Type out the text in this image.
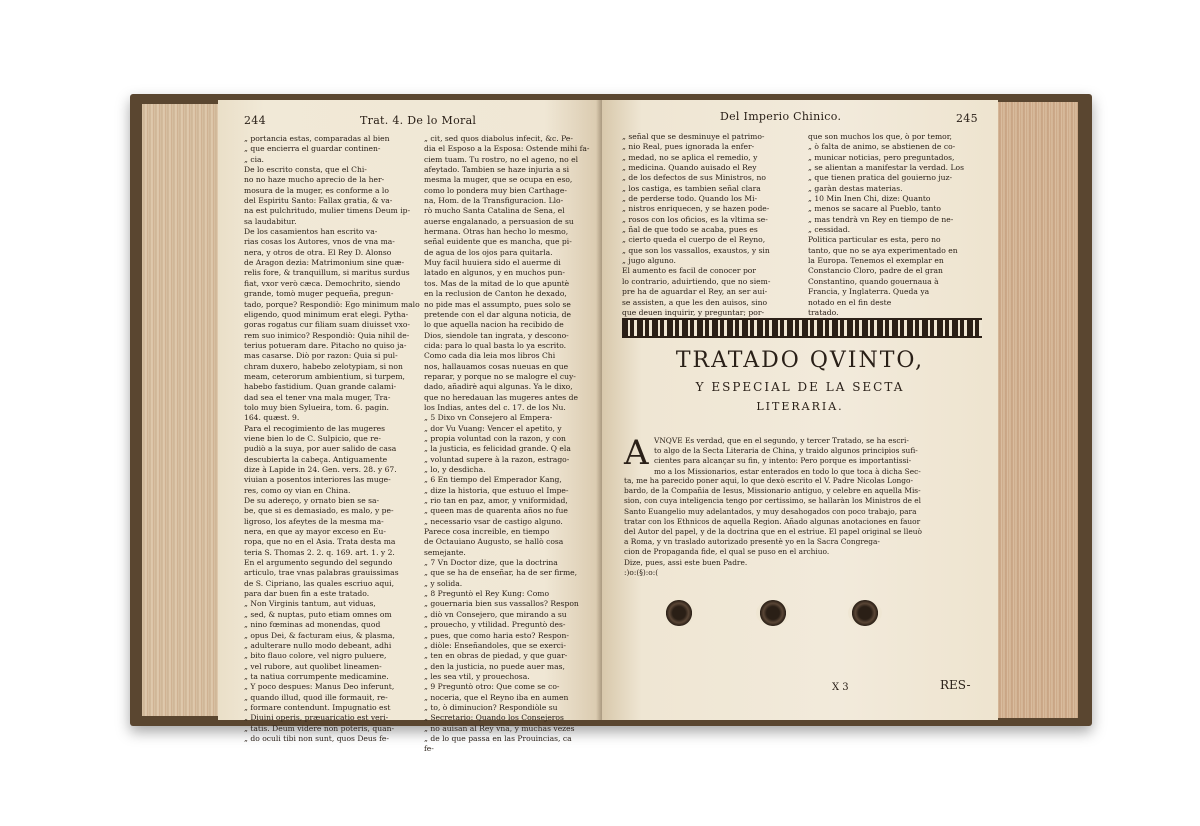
244	Trat. 4. De lo Moral
„ portancia estas, comparadas al bien
„ que encierra el guardar continen-
„ cia.
De lo escrito consta, que el Chi-
no no haze mucho aprecio de la her-
mosura de la muger, es conforme a lo
del Espiritu Santo: Fallax gratia, & va-
na est pulchritudo, mulier timens Deum ip-
sa laudabitur.
De los casamientos han escrito va-
rias cosas los Autores, vnos de vna ma-
nera, y otros de otra. El Rey D. Alonso
de Aragon dezia: Matrimonium sine quæ-
relis fore, & tranquillum, si maritus surdus
fiat, vxor verò cæca. Demochrito, siendo
grande, tomò muger pequeña, pregun-
tado, porque? Respondiò: Ego minimum malo
eligendo, quod minimum erat elegi. Pytha-
goras rogatus cur filiam suam diuisset vxo-
rem suo inimico? Respondiò: Quia nihil de-
terius potueram dare. Pitacho no quiso ja-
mas casarse. Diò por razon: Quia si pul-
chram duxero, habebo zelotypiam, si non
meam, ceterorum ambientium, si turpem,
habebo fastidium. Quan grande calami-
dad sea el tener vna mala muger, Tra-
tolo muy bien Sylueira, tom. 6. pagin.
164. quæst. 9.
Para el recogimiento de las mugeres
viene bien lo de C. Sulpicio, que re-
pudiò a la suya, por auer salido de casa
descubierta la cabeça. Antiguamente
dize à Lapide in 24. Gen. vers. 28. y 67.
viuian a posentos interiores las muge-
res, como oy vian en China.
De su adereço, y ornato bien se sa-
be, que si es demasiado, es malo, y pe-
ligroso, los afeytes de la mesma ma-
nera, en que ay mayor exceso en Eu-
ropa, que no en el Asia. Trata desta ma
teria S. Thomas 2. 2. q. 169. art. 1. y 2.
En el argumento segundo del segundo
articulo, trae vnas palabras grauissimas
de S. Cipriano, las quales escriuo aqui,
para dar buen fin a este tratado.
„ Non Virginis tantum, aut viduas,
„ sed, & nuptas, puto etiam omnes om
„ nino fœminas ad monendas, quod
„ opus Dei, & facturam eius, & plasma,
„ adulterare nullo modo debeant, adhi
„ bito flauo colore, vel nigro puluere,
„ vel rubore, aut quolibet lineamen-
„ ta natiua corrumpente medicamine.
„ Y poco despues: Manus Deo inferunt,
„ quando illud, quod ille formauit, re-
„ formare contendunt. Impugnatio est
„ Diuini operis, præuaricatio est veri-
„ tatis. Deum videre non poteris, quan-
„ do oculi tibi non sunt, quos Deus fe-
„ cit, sed quos diabolus infecit, &c. Pe-
dia el Esposo a la Esposa: Ostende mihi fa-
ciem tuam. Tu rostro, no el ageno, no el
afeytado. Tambien se haze injuria a si
mesma la muger, que se ocupa en eso,
como lo pondera muy bien Carthage-
na, Hom. de la Transfiguracion. Llo-
rò mucho Santa Catalina de Sena, el
auerse engalanado, a persuasion de su
hermana. Otras han hecho lo mesmo,
señal euidente que es mancha, que pi-
de agua de los ojos para quitarla.
Muy facil huuiera sido el auerme di
latado en algunos, y en muchos pun-
tos. Mas de la mitad de lo que apuntè
en la reclusion de Canton he dexado,
no pide mas el assumpto, pues solo se
pretende con el dar alguna noticia, de
lo que aquella nacion ha recibido de
Dios, siendole tan ingrata, y descono-
cida: para lo qual basta lo ya escrito.
Como cada dia leia mos libros Chi
nos, hallauamos cosas nueuas en que
reparar, y porque no se malogre el cuy-
dado, añadirè aqui algunas. Ya le dixo,
que no heredauan las mugeres antes de
los Indias, antes del c. 17. de los Nu.
„ 5 Dixo vn Consejero al Empera-
„ dor Vu Vuang: Vencer el apetito, y
„ propia voluntad con la razon, y con
„ la justicia, es felicidad grande. Q ela
„ voluntad supere à la razon, estrago-
„ lo, y desdicha.
„ 6 En tiempo del Emperador Kang,
„ dize la historia, que estuuo el Impe-
„ rio tan en paz, amor, y vniformidad,
„ queen mas de quarenta años no fue
„ necessario vsar de castigo alguno.
Parece cosa increible, en tiempo
de Octauiano Augusto, se hallò cosa
semejante.
„ 7 Vn Doctor dize, que la doctrina
„ que se ha de enseñar, ha de ser firme,
„ y solida.
„ 8 Preguntò el Rey Kung: Como
„ gouernaria bien sus vassallos? Respon
„ diò vn Consejero, que mirando a su
„ prouecho, y vtilidad. Preguntò des-
„ pues, que como haria esto? Respon-
„ diòle: Enseñandoles, que se exerci-
„ ten en obras de piedad, y que guar-
„ den la justicia, no puede auer mas,
„ les sea vtil, y prouechosa.
„ 9 Preguntò otro: Que come se co-
„ noceria, que el Reyno iba en aumen
„ to, ò diminucion? Respondiòle su
„ Secretario: Quando los Consejeros
„ no auisan al Rey vna, y muchas vezes
„ de lo que passa en las Prouincias, ca
fe-
Del Imperio Chinico.	245
„ señal que se desminuye el patrimo-
„ nio Real, pues ignorada la enfer-
„ medad, no se aplica el remedio, y
„ medicina. Quando auisado el Rey
„ de los defectos de sus Ministros, no
„ los castiga, es tambien señal clara
„ de perderse todo. Quando los Mi-
„ nistros enriquecen, y se hazen pode-
„ rosos con los oficios, es la vltima se-
„ ñal de que todo se acaba, pues es
„ cierto queda el cuerpo de el Reyno,
„ que son los vassallos, exaustos, y sin
„ jugo alguno.
El aumento es facil de conocer por
lo contrario, aduirtiendo, que no siem-
pre ha de aguardar el Rey, an ser aui-
se assisten, a que les den auisos, sino
que deuen inquirir, y preguntar; por-
que son muchos los que, ò por temor,
„ ò falta de animo, se abstienen de co-
„ municar noticias, pero preguntados,
„ se alientan a manifestar la verdad. Los
„ que tienen pratica del gouierno juz-
„ garàn destas materias.
„ 10 Min Inen Chi, dize: Quanto
„ menos se sacare al Pueblo, tanto
„ mas tendrà vn Rey en tiempo de ne-
„ cessidad.
Politica particular es esta, pero no
tanto, que no se aya experimentado en
la Europa. Tenemos el exemplar en
Constancio Cloro, padre de el gran
Constantino, quando gouernaua à
Francia, y Inglaterra. Queda ya
notado en el fin deste
tratado.
TRATADO QVINTO,
Y ESPECIAL DE LA SECTA
LITERARIA.
A VNQVE Es verdad, que en el segundo, y tercer Tratado, se ha escri-
to algo de la Secta Literaria de China, y traido algunos principios sufi-
cientes para alcançar su fin, y intento: Pero porque es importantissi-
mo a los Missionarios, estar enterados en todo lo que toca à dicha Sec-
ta, me ha parecido poner aqui, lo que dexò escrito el V. Padre Nicolas Longo-
bardo, de la Compañia de Iesus, Missionario antiguo, y celebre en aquella Mis-
sion, con cuya inteligencia tengo por certissimo, se hallaràn los Ministros de el
Santo Euangelio muy adelantados, y muy desahogados con poco trabajo, para
tratar con los Ethnicos de aquella Region. Añado algunas anotaciones en fauor
del Autor del papel, y de la doctrina que en el estriue. El papel original se lleuò
a Roma, y vn traslado autorizado presentè yo en la Sacra Congrega-
cion de Propaganda fide, el qual se puso en el archiuo.
Dize, pues, assi este buen Padre.
:)o:(§):o:(
X 3	RES-
